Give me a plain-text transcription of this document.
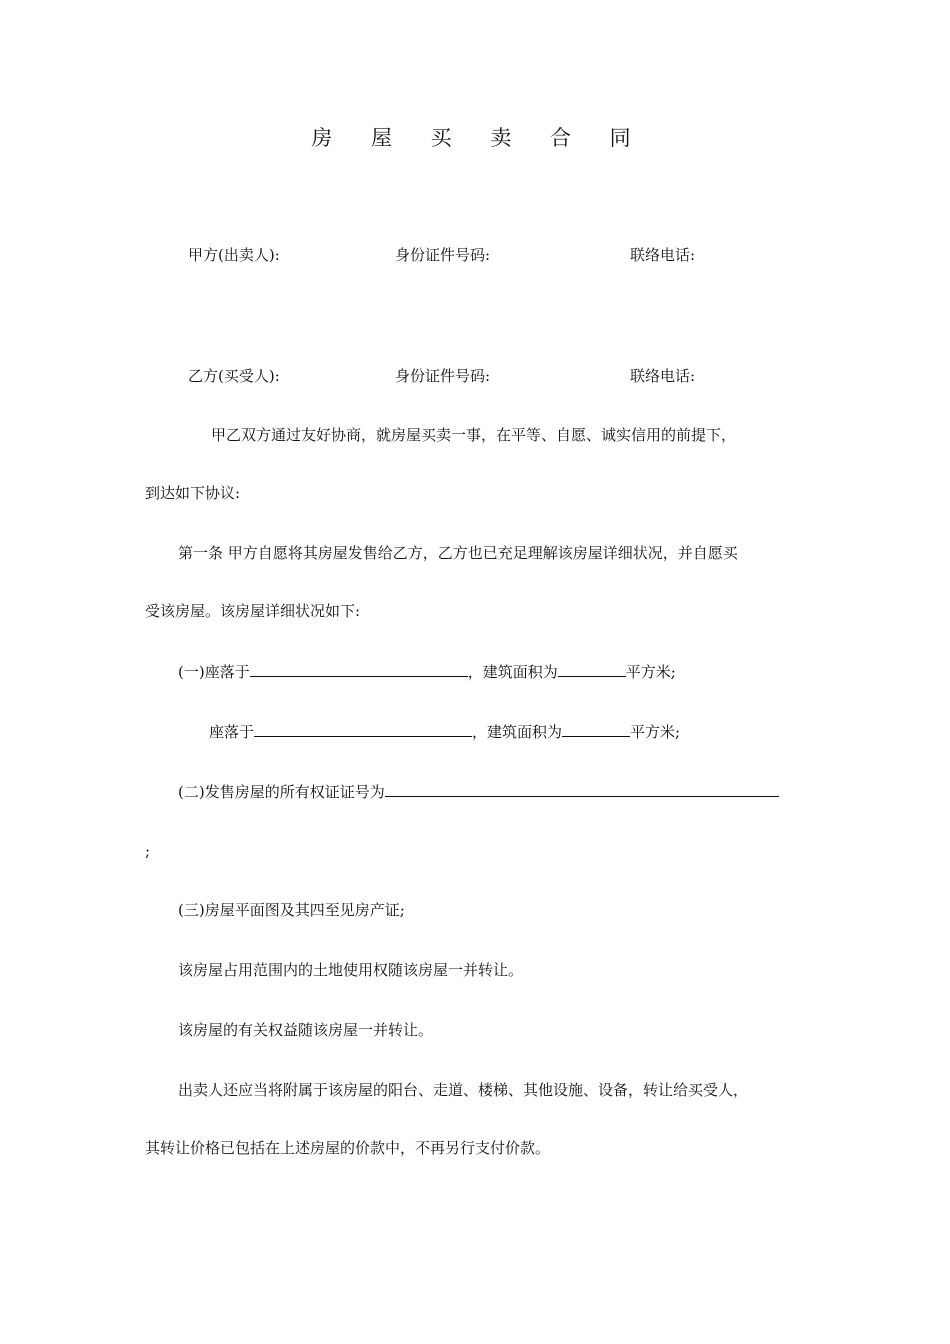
房 屋 买 卖 合 同
甲方(出卖人):	身份证件号码:	联络电话:
乙方(买受人):	身份证件号码:	联络电话:
甲乙双方通过友好协商，就房屋买卖一事，在平等、自愿、诚实信用的前提下，
到达如下协议:
第一条 甲方自愿将其房屋发售给乙方，乙方也已充足理解该房屋详细状况，并自愿买
受该房屋。该房屋详细状况如下:
(一)座落于	，建筑面积为	平方米;
座落于	，建筑面积为	平方米;
(二)发售房屋的所有权证证号为
;
(三)房屋平面图及其四至见房产证;
该房屋占用范围内的土地使用权随该房屋一并转让。
该房屋的有关权益随该房屋一并转让。
出卖人还应当将附属于该房屋的阳台、走道、楼梯、其他设施、设备，转让给买受人，
其转让价格已包括在上述房屋的价款中，不再另行支付价款。
